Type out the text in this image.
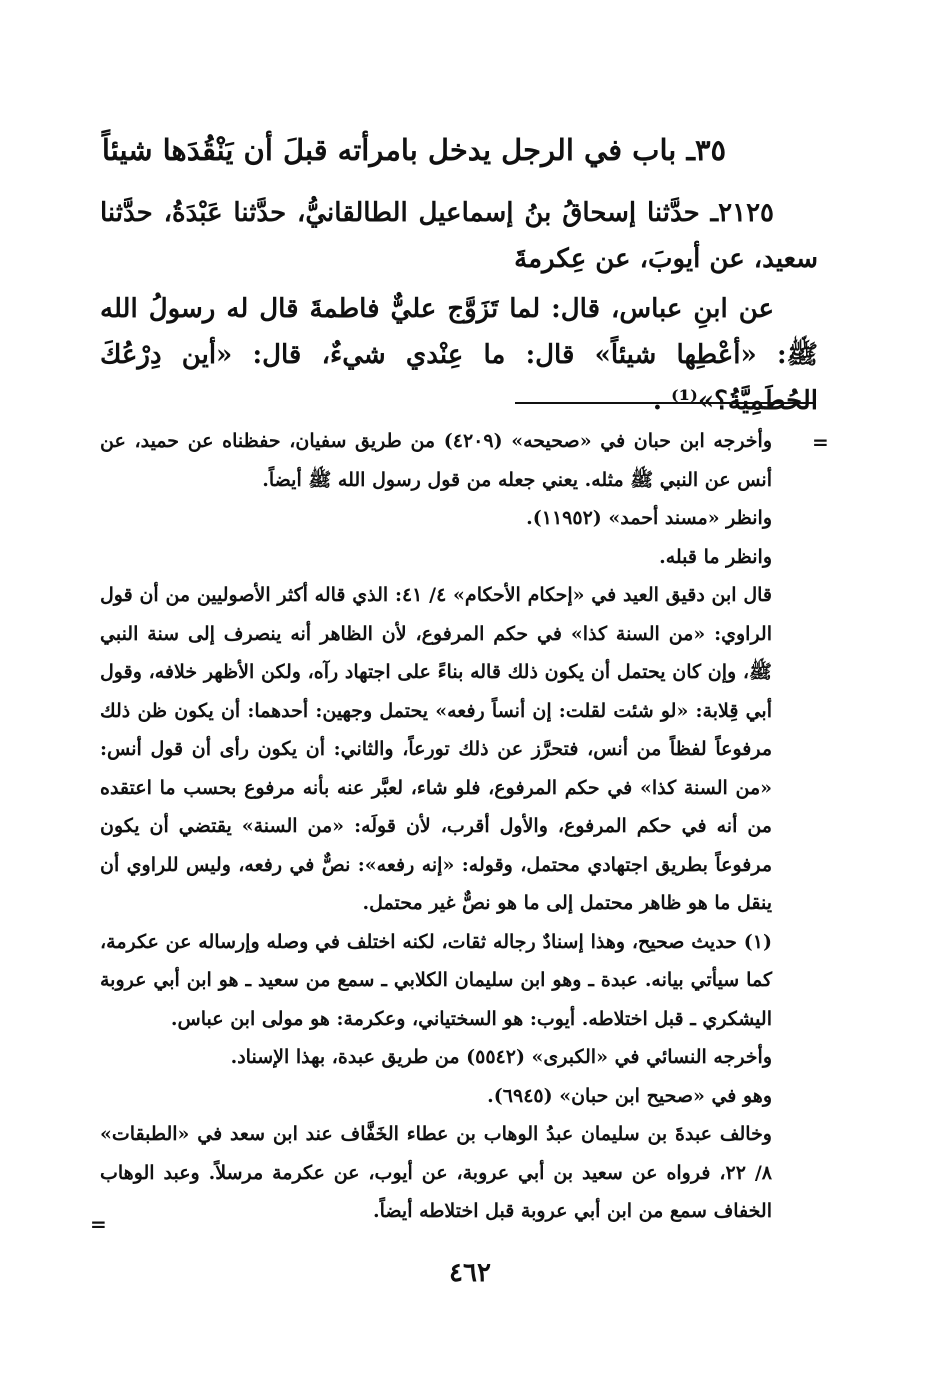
٣٥ـ باب في الرجل يدخل بامرأته قبلَ أن يَنْقُدَها شيئاً
٢١٢٥ـ حدَّثنا إسحاقُ بنُ إسماعيل الطالقانيُّ، حدَّثنا عَبْدَةُ، حدَّثنا سعيد، عن أيوبَ، عن عِكرمةَ
عن ابنِ عباس، قال: لما تَزَوَّج عليٌّ فاطمةَ قال له رسولُ الله ﷺ: «أعْطِها شيئاً» قال: ما عِنْدي شيءٌ، قال: «أين دِرْعُكَ الحُطَمِيَّةُ؟»⁽¹⁾ .
=

وأخرجه ابن حبان في «صحيحه» (٤٢٠٩) من طريق سفيان، حفظناه عن حميد، عن أنس عن النبي ﷺ مثله. يعني جعله من قول رسول الله ﷺ أيضاً.

وانظر «مسند أحمد» (١١٩٥٢).

وانظر ما قبله.

قال ابن دقيق العيد في «إحكام الأحكام» ٤/ ٤١: الذي قاله أكثر الأصوليين من أن قول الراوي: «من السنة كذا» في حكم المرفوع، لأن الظاهر أنه ينصرف إلى سنة النبي ﷺ، وإن كان يحتمل أن يكون ذلك قاله بناءً على اجتهاد رآه، ولكن الأظهر خلافه، وقول أبي قِلابة: «لو شئت لقلت: إن أنساً رفعه» يحتمل وجهين: أحدهما: أن يكون ظن ذلك مرفوعاً لفظاً من أنس، فتحرَّز عن ذلك تورعاً، والثاني: أن يكون رأى أن قول أنس: «من السنة كذا» في حكم المرفوع، فلو شاء، لعبَّر عنه بأنه مرفوع بحسب ما اعتقده من أنه في حكم المرفوع، والأول أقرب، لأن قولَه: «من السنة» يقتضي أن يكون مرفوعاً بطريق اجتهادي محتمل، وقوله: «إنه رفعه»: نصٌّ في رفعه، وليس للراوي أن ينقل ما هو ظاهر محتمل إلى ما هو نصٌّ غير محتمل.

(١) حديث صحيح، وهذا إسنادٌ رجاله ثقات، لكنه اختلف في وصله وإرساله عن عكرمة، كما سيأتي بيانه. عبدة ـ وهو ابن سليمان الكلابي ـ سمع من سعيد ـ هو ابن أبي عروبة اليشكري ـ قبل اختلاطه. أيوب: هو السختياني، وعكرمة: هو مولى ابن عباس.

وأخرجه النسائي في «الكبرى» (٥٥٤٢) من طريق عبدة، بهذا الإسناد.

وهو في «صحيح ابن حبان» (٦٩٤٥).

وخالف عبدةَ بن سليمان عبدُ الوهاب بن عطاء الخَفَّاف عند ابن سعد في «الطبقات» ٨/ ٢٢، فرواه عن سعيد بن أبي عروبة، عن أيوب، عن عكرمة مرسلاً. وعبد الوهاب الخفاف سمع من ابن أبي عروبة قبل اختلاطه أيضاً.

=
٤٦٢
